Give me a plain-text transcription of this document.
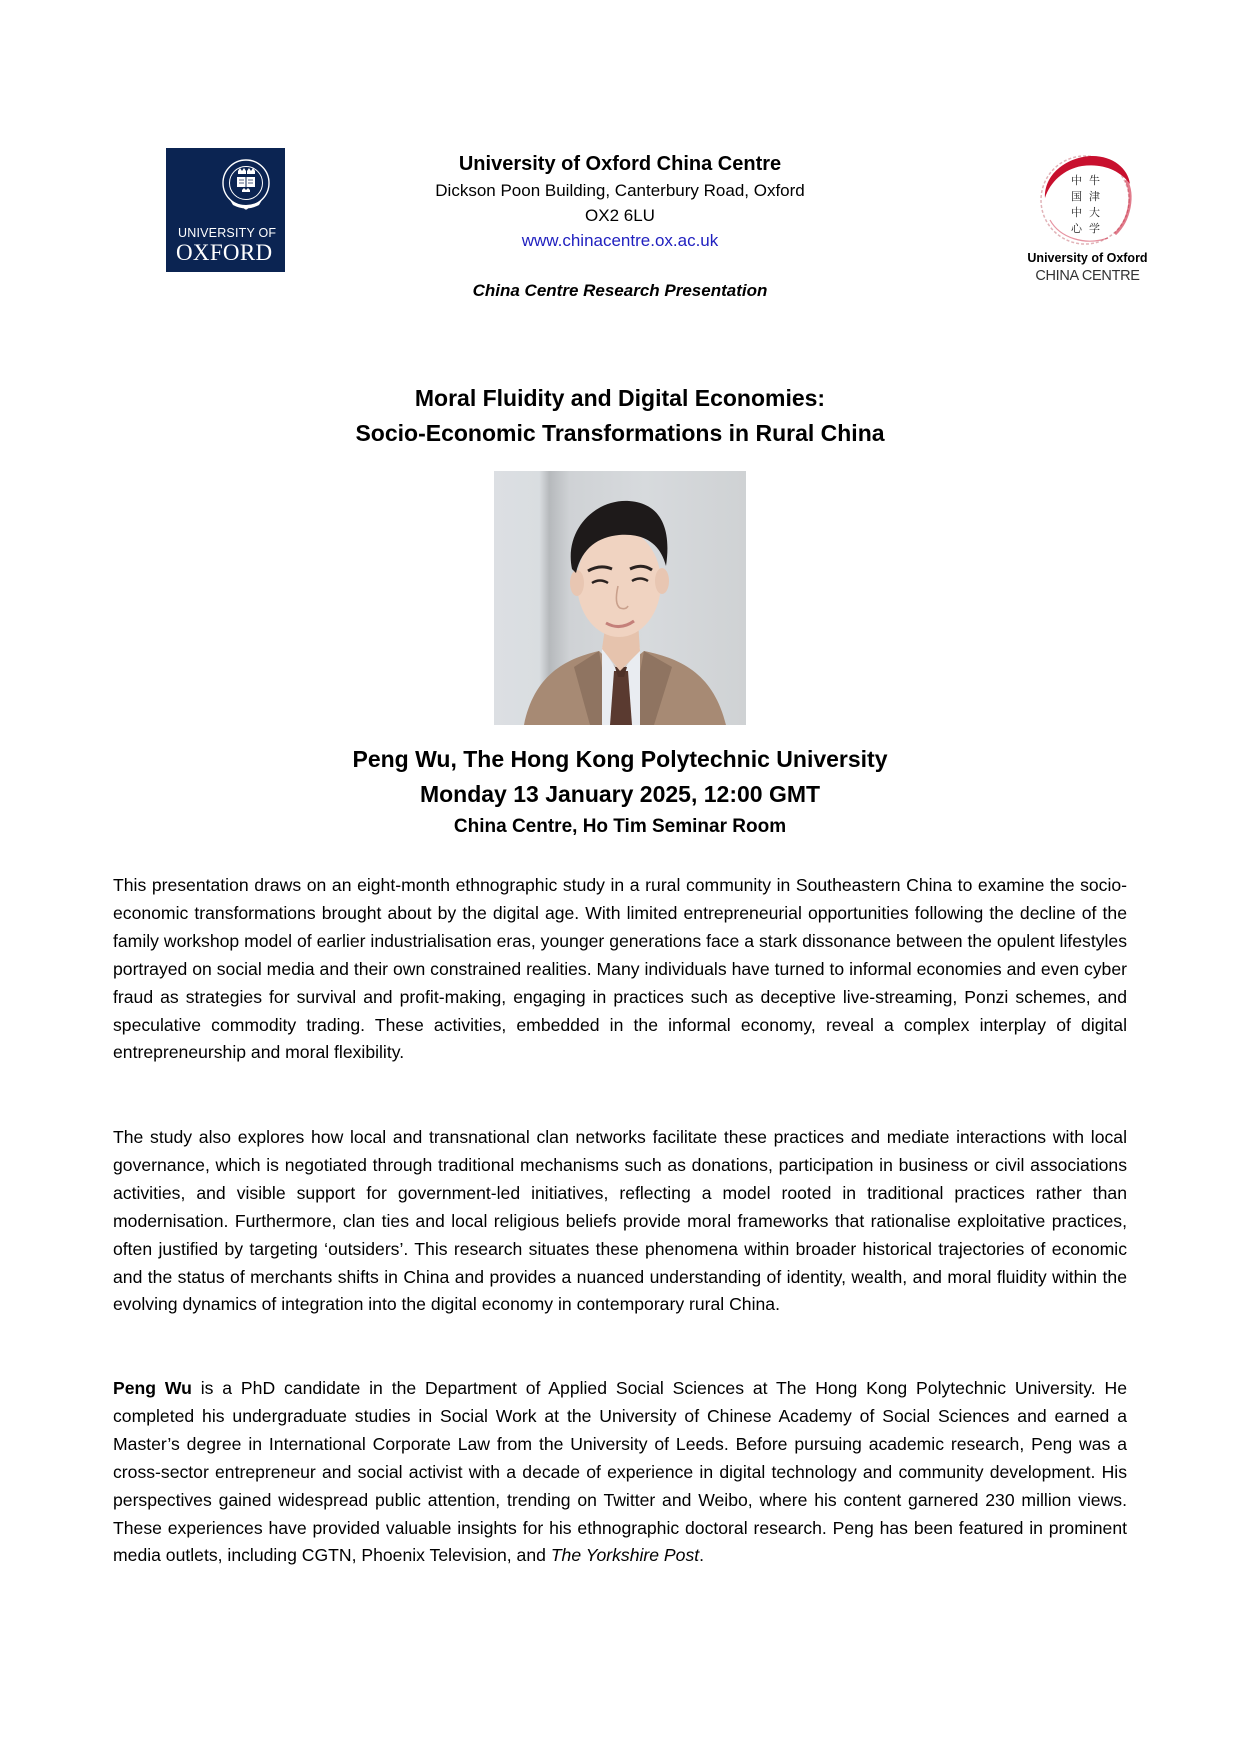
UNIVERSITY OF
OXFORD
University of Oxford China Centre
Dickson Poon Building, Canterbury Road, Oxford
OX2 6LU
www.chinacentre.ox.ac.uk
China Centre Research Presentation
中
国
中
心
牛
津
大
学
University of Oxford
CHINA CENTRE
Moral Fluidity and Digital Economies:
Socio-Economic Transformations in Rural China
Peng Wu, The Hong Kong Polytechnic University
Monday 13 January 2025, 12:00 GMT
China Centre, Ho Tim Seminar Room

This presentation draws on an eight-month ethnographic study in a rural community in Southeastern China to examine the socio-economic transformations brought about by the digital age. With limited entrepreneurial opportunities following the decline of the family workshop model of earlier industrialisation eras, younger generations face a stark dissonance between the opulent lifestyles portrayed on social media and their own constrained realities. Many individuals have turned to informal economies and even cyber fraud as strategies for survival and profit-making, engaging in practices such as deceptive live-streaming, Ponzi schemes, and speculative commodity trading. These activities, embedded in the informal economy, reveal a complex interplay of digital entrepreneurship and moral flexibility.

The study also explores how local and transnational clan networks facilitate these practices and mediate interactions with local governance, which is negotiated through traditional mechanisms such as donations, participation in business or civil associations activities, and visible support for government-led initiatives, reflecting a model rooted in traditional practices rather than modernisation. Furthermore, clan ties and local religious beliefs provide moral frameworks that rationalise exploitative practices, often justified by targeting ‘outsiders’. This research situates these phenomena within broader historical trajectories of economic and the status of merchants shifts in China and provides a nuanced understanding of identity, wealth, and moral fluidity within the evolving dynamics of integration into the digital economy in contemporary rural China.

Peng Wu is a PhD candidate in the Department of Applied Social Sciences at The Hong Kong Polytechnic University. He completed his undergraduate studies in Social Work at the University of Chinese Academy of Social Sciences and earned a Master’s degree in International Corporate Law from the University of Leeds. Before pursuing academic research, Peng was a cross-sector entrepreneur and social activist with a decade of experience in digital technology and community development. His perspectives gained widespread public attention, trending on Twitter and Weibo, where his content garnered 230 million views. These experiences have provided valuable insights for his ethnographic doctoral research. Peng has been featured in prominent media outlets, including CGTN, Phoenix Television, and The Yorkshire Post.
